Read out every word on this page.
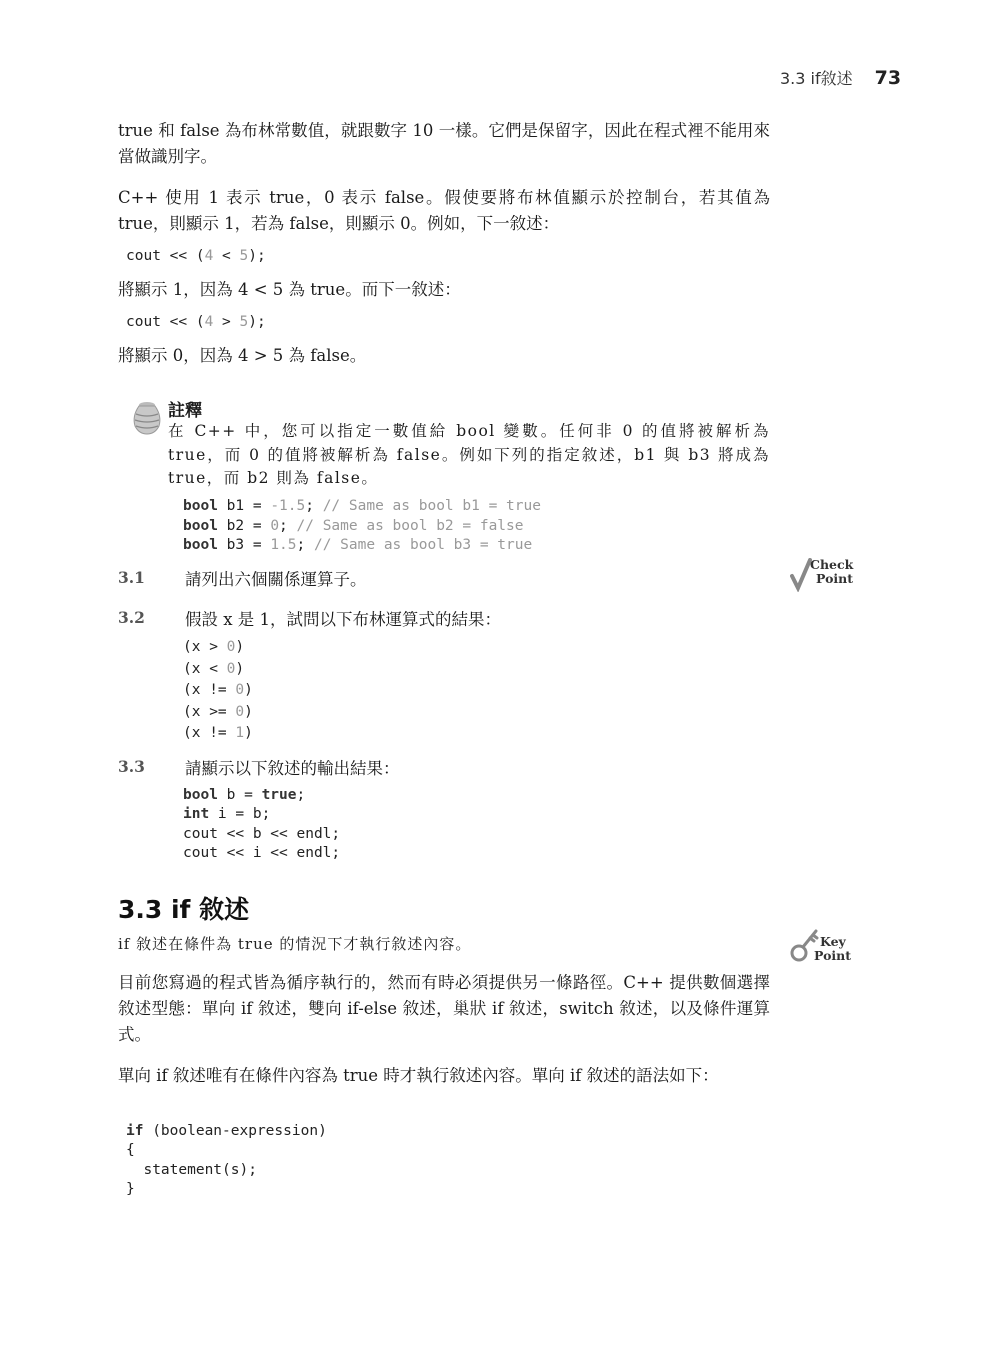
3.3 if敘述 73
true 和 false 為布林常數值，就跟數字 10 一樣。它們是保留字，因此在程式裡不能用來當做識別字。
C++ 使用 1 表示 true，0 表示 false。假使要將布林值顯示於控制台，若其值為 true，則顯示 1，若為 false，則顯示 0。例如，下一敘述：
cout << (4 < 5);
將顯示 1，因為 4 < 5 為 true。而下一敘述：
cout << (4 > 5);
將顯示 0，因為 4 > 5 為 false。
註釋
在 C++ 中，您可以指定一數值給 bool 變數。任何非 0 的值將被解析為 true，而 0 的值將被解析為 false。例如下列的指定敘述，b1 與 b3 將成為 true，而 b2 則為 false。
bool b1 = -1.5; // Same as bool b1 = true
bool b2 = 0; // Same as bool b2 = false
bool b3 = 1.5; // Same as bool b3 = true
Check
Point
3.1 請列出六個關係運算子。
3.2 假設 x 是 1，試問以下布林運算式的結果：
(x > 0)
(x < 0)
(x != 0)
(x >= 0)
(x != 1)
3.3 請顯示以下敘述的輸出結果：
bool b = true;
int i = b;
cout << b << endl;
cout << i << endl;
3.3 if 敘述
if 敘述在條件為 true 的情況下才執行敘述內容。	Key
Point
目前您寫過的程式皆為循序執行的，然而有時必須提供另一條路徑。C++ 提供數個選擇敘述型態：單向 if 敘述，雙向 if-else 敘述，巢狀 if 敘述，switch 敘述，以及條件運算式。
單向 if 敘述唯有在條件內容為 true 時才執行敘述內容。單向 if 敘述的語法如下：
if (boolean-expression)
{
statement(s);
}
